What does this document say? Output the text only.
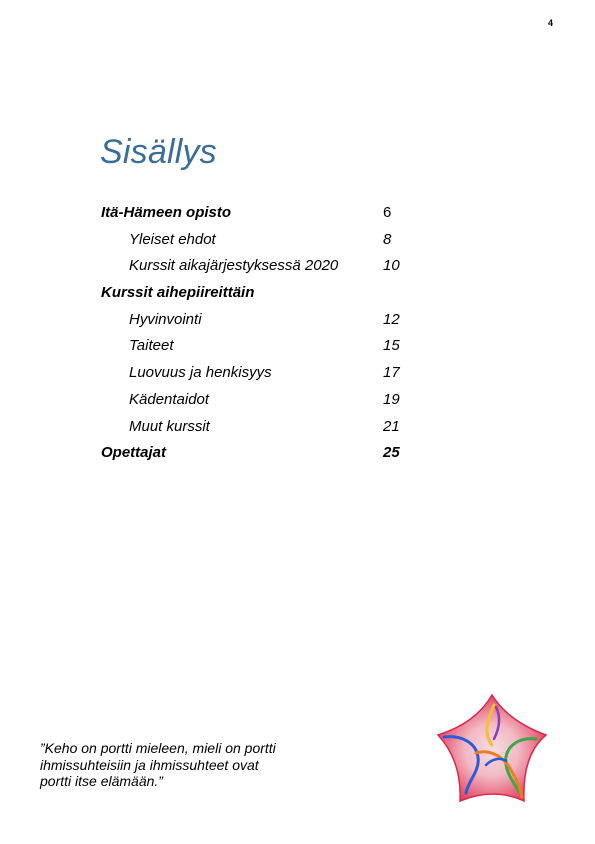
4
Sisällys
Itä-Hämeen opisto	6
Yleiset ehdot	8
Kurssit aikajärjestyksessä 2020	10
Kurssit aihepiireittäin
Hyvinvointi	12
Taiteet	15
Luovuus ja henkisyys	17
Kädentaidot	19
Muut kurssit	21
Opettajat	25
”Keho on portti mieleen, mieli on portti
ihmissuhteisiin ja ihmissuhteet ovat
portti itse elämään.”
